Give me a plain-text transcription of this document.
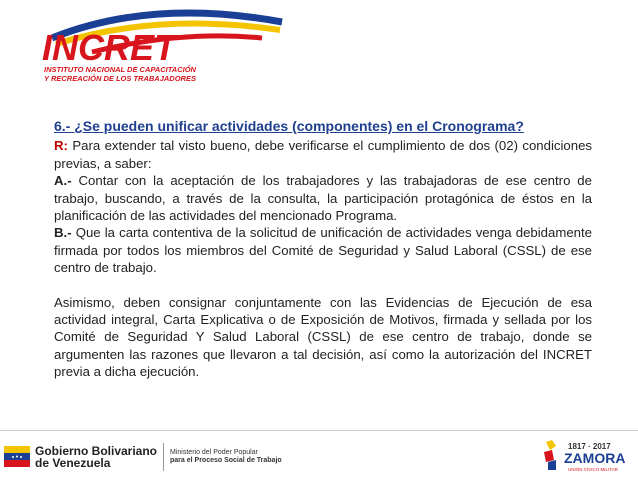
INCRET
INSTITUTO NACIONAL DE CAPACITACIÓN
Y RECREACIÓN DE LOS TRABAJADORES
6.- ¿Se pueden unificar actividades (componentes) en el Cronograma?

R: Para extender tal visto bueno, debe verificarse el cumplimiento de dos (02) condiciones previas, a saber:

A.- Contar con la aceptación de los trabajadores y las trabajadoras de ese centro de trabajo, buscando, a través de la consulta, la participación protagónica de éstos en la planificación de las actividades del mencionado Programa.

B.- Que la carta contentiva de la solicitud de unificación de actividades venga debidamente firmada por todos los miembros del Comité de Seguridad y Salud Laboral (CSSL) de ese centro de trabajo.

Asimismo, deben consignar conjuntamente con las Evidencias de Ejecución de esa actividad integral, Carta Explicativa o de Exposición de Motivos, firmada y sellada por los Comité de Seguridad Y Salud Laboral (CSSL) de ese centro de trabajo, donde se argumenten las razones que llevaron a tal decisión, así como la autorización del INCRET previa a dicha ejecución.

Gobierno Bolivariano
de Venezuela
Ministerio del Poder Popular
para el Proceso Social de Trabajo
1817 · 2017
ZAMORA
UNIÓN CÍVICO MILITAR
